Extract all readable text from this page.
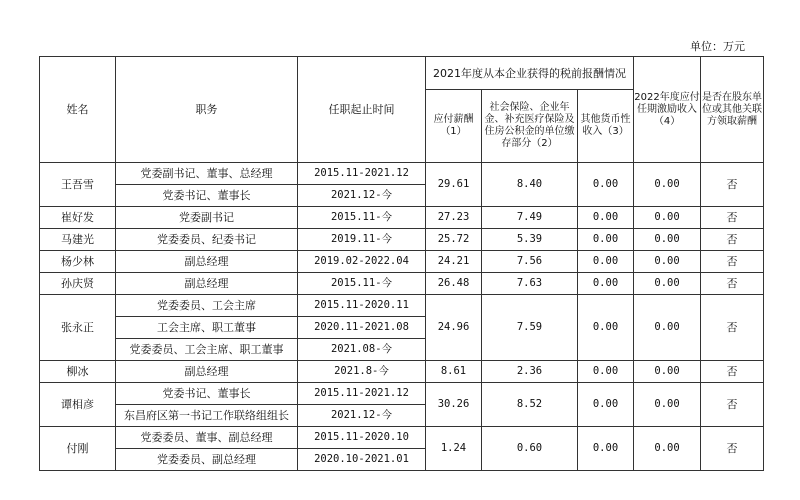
单位：万元
姓名	职务	任职起止时间	2021年度从本企业获得的税前报酬情况			2022年度应付任期激励收入（4）	是否在股东单位或其他关联方领取薪酬
			应付薪酬（1）	社会保险、企业年金、补充医疗保险及住房公积金的单位缴存部分（2）	其他货币性收入（3）		
王吾雪	党委副书记、董事、总经理	2015.11-2021.12	29.61	8.40	0.00	0.00	否
	党委书记、董事长	2021.12-今					
崔好发	党委副书记	2015.11-今	27.23	7.49	0.00	0.00	否
马建光	党委委员、纪委书记	2019.11-今	25.72	5.39	0.00	0.00	否
杨少林	副总经理	2019.02-2022.04	24.21	7.56	0.00	0.00	否
孙庆贤	副总经理	2015.11-今	26.48	7.63	0.00	0.00	否
张永正	党委委员、工会主席	2015.11-2020.11	24.96	7.59	0.00	0.00	否
	工会主席、职工董事	2020.11-2021.08					
	党委委员、工会主席、职工董事	2021.08-今					
柳冰	副总经理	2021.8-今	8.61	2.36	0.00	0.00	否
谭相彦	党委书记、董事长	2015.11-2021.12	30.26	8.52	0.00	0.00	否
	东昌府区第一书记工作联络组组长	2021.12-今					
付刚	党委委员、董事、副总经理	2015.11-2020.10	1.24	0.60	0.00	0.00	否
	党委委员、副总经理	2020.10-2021.01					
